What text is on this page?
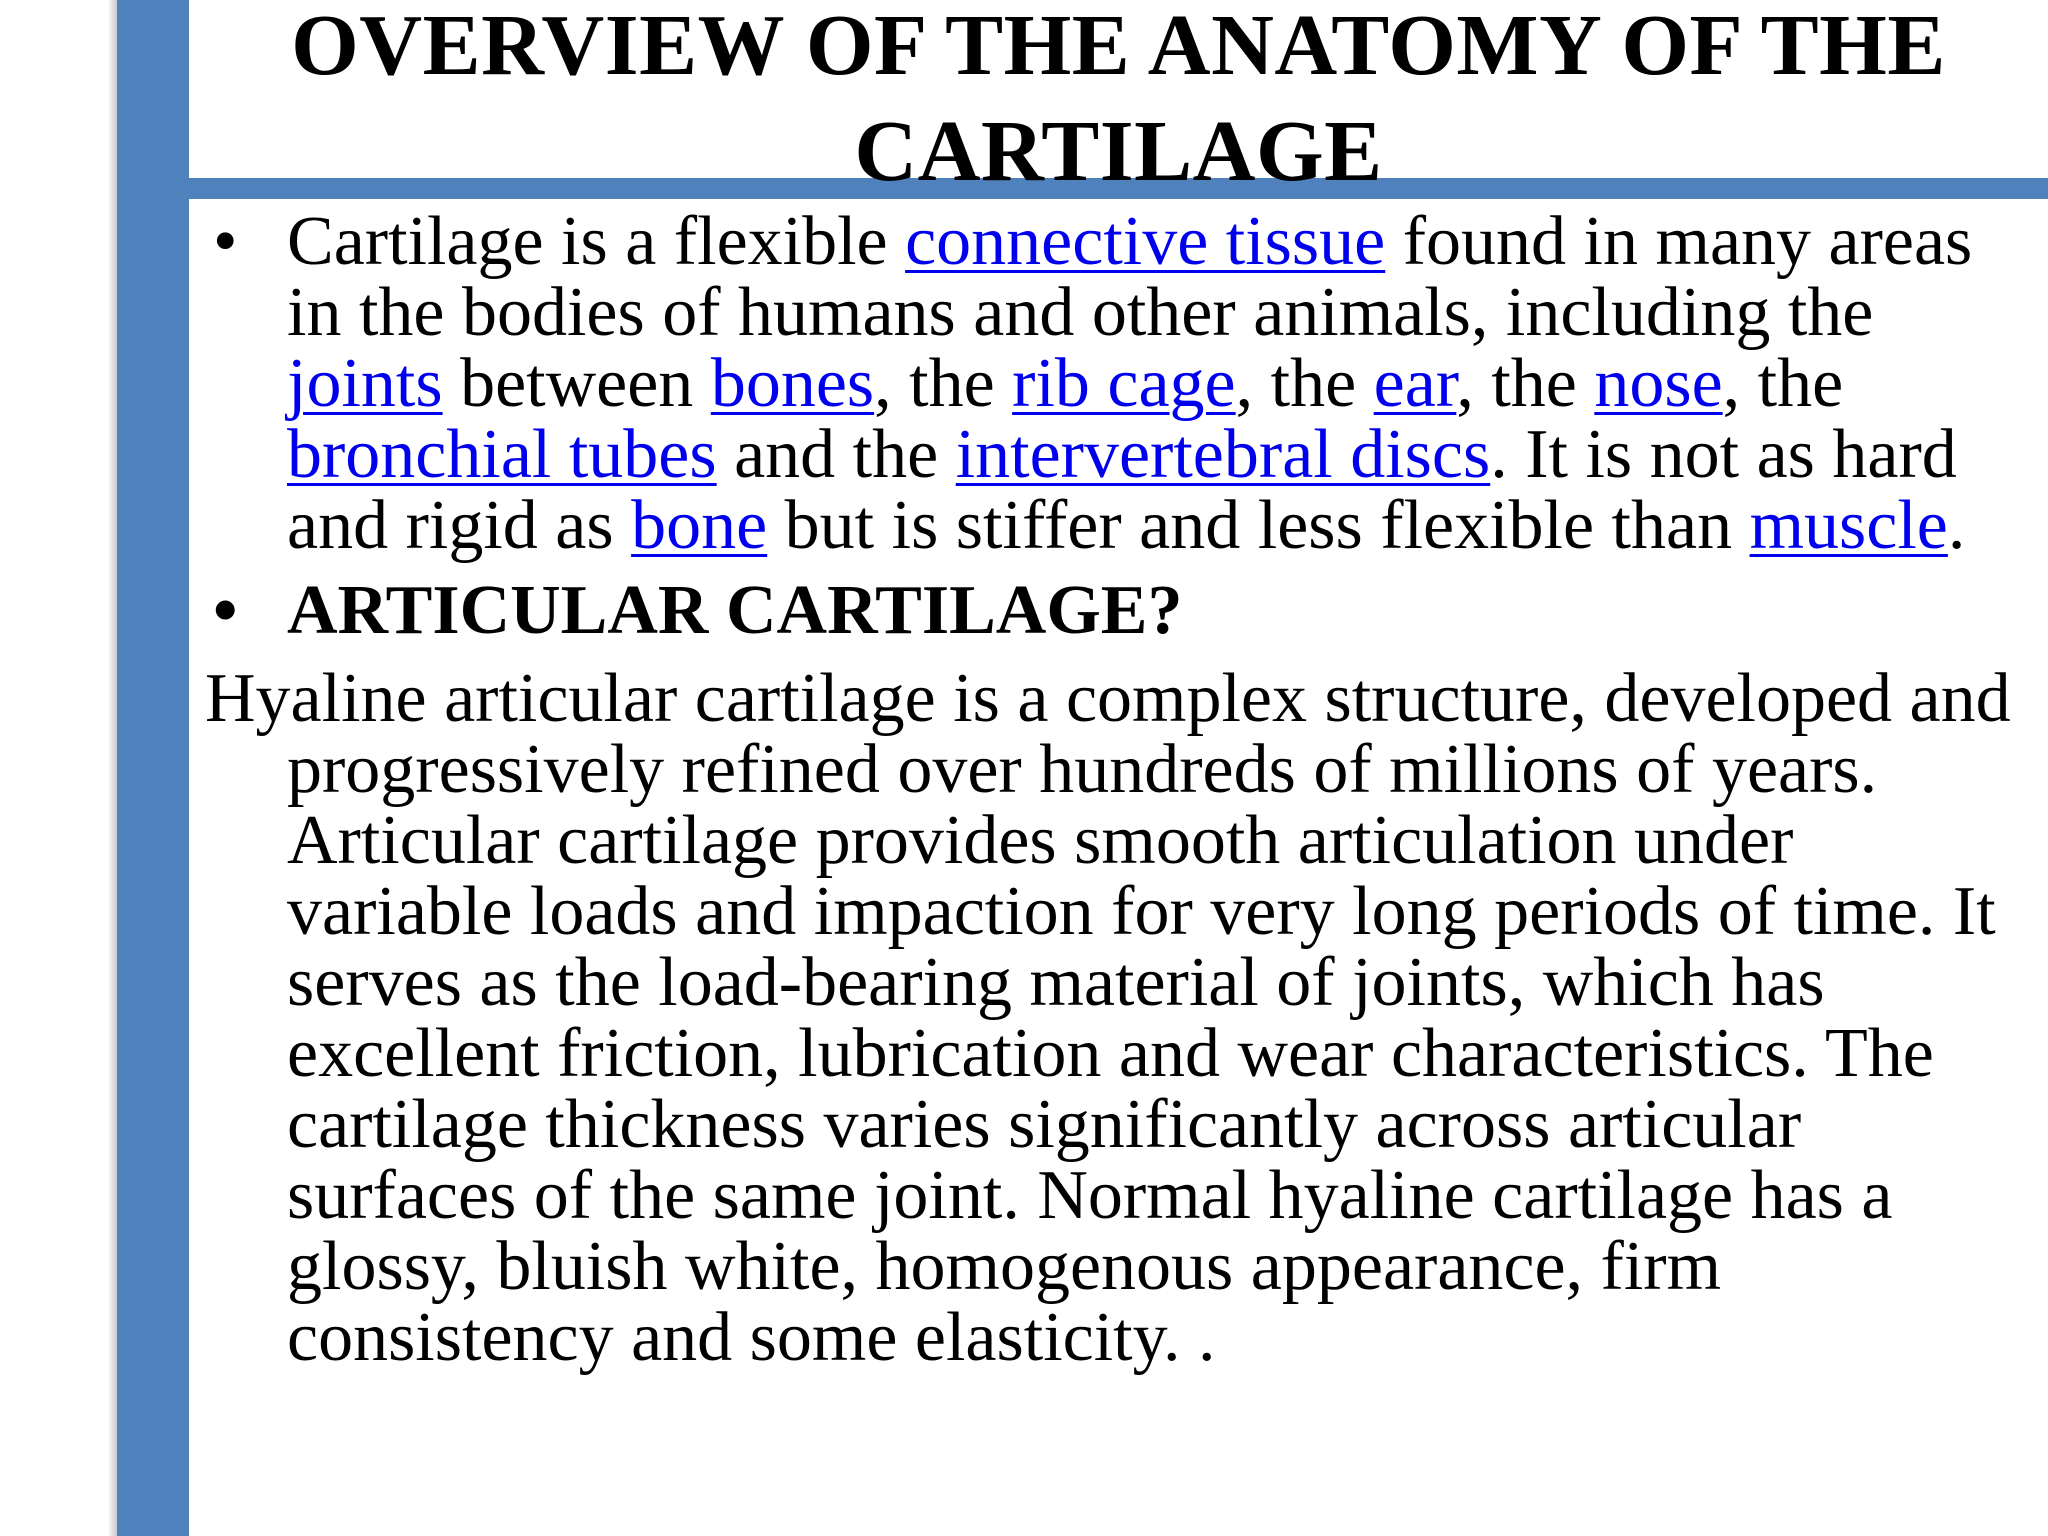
OVERVIEW OF THE ANATOMY OF THE
CARTILAGE

• Cartilage is a flexible connective tissue found in many areas in the bodies of humans and other animals, including the joints between bones, the rib cage, the ear, the nose, the bronchial tubes and the intervertebral discs. It is not as hard and rigid as bone but is stiffer and less flexible than muscle.

• ARTICULAR CARTILAGE?

Hyaline articular cartilage is a complex structure, developed and progressively refined over hundreds of millions of years. Articular cartilage provides smooth articulation under variable loads and impaction for very long periods of time. It serves as the load-bearing material of joints, which has excellent friction, lubrication and wear characteristics. The cartilage thickness varies significantly across articular surfaces of the same joint. Normal hyaline cartilage has a glossy, bluish white, homogenous appearance, firm consistency and some elasticity. .
